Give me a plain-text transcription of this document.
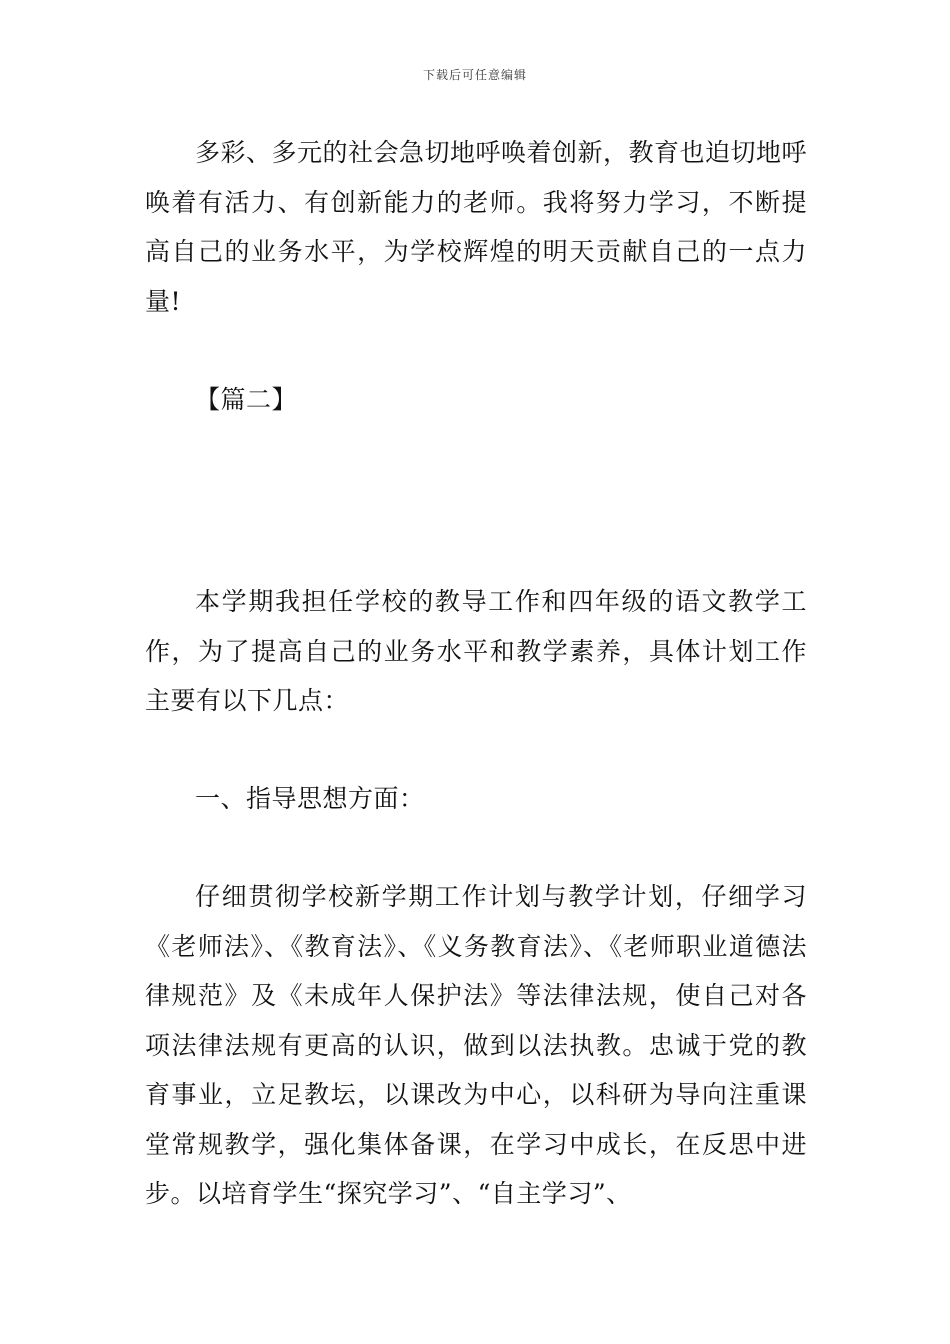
下载后可任意编辑

多彩、多元的社会急切地呼唤着创新，教育也迫切地呼唤着有活力、有创新能力的老师。我将努力学习，不断提高自己的业务水平，为学校辉煌的明天贡献自己的一点力量!

【篇二】

本学期我担任学校的教导工作和四年级的语文教学工作，为了提高自己的业务水平和教学素养，具体计划工作主要有以下几点：

一、指导思想方面：

仔细贯彻学校新学期工作计划与教学计划，仔细学习《老师法》、《教育法》、《义务教育法》、《老师职业道德法律规范》及《未成年人保护法》等法律法规，使自己对各项法律法规有更高的认识，做到以法执教。忠诚于党的教育事业，立足教坛，以课改为中心，以科研为导向注重课堂常规教学，强化集体备课，在学习中成长，在反思中进步。以培育学生“探究学习”、“自主学习”、
